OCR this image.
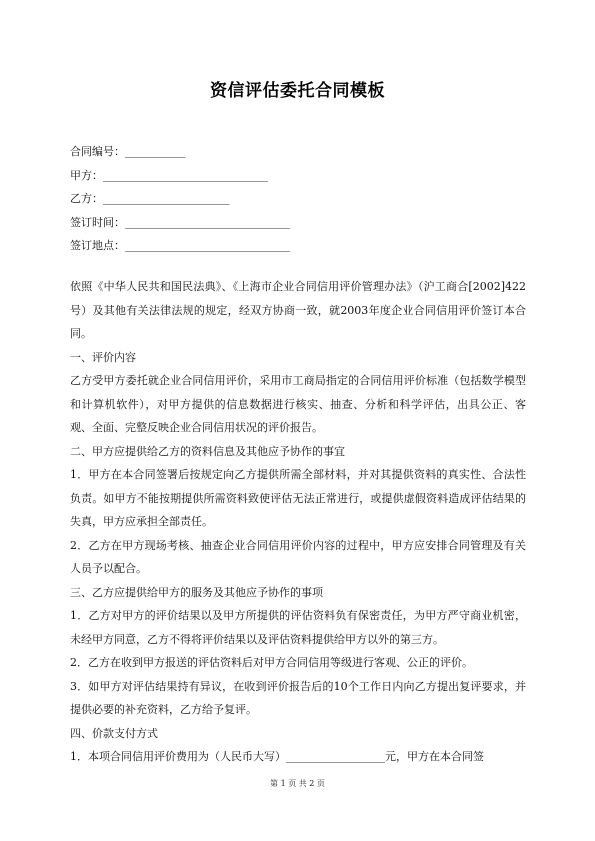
资信评估委托合同模板
合同编号：___________
甲方：______________________________
乙方：_______________________
签订时间：______________________________
签订地点：______________________________

依照《中华人民共和国民法典》、《上海市企业合同信用评价管理办法》（沪工商合[2002]422号）及其他有关法律法规的规定，经双方协商一致，就2003年度企业合同信用评价签订本合同。

一、评价内容

乙方受甲方委托就企业合同信用评价，采用市工商局指定的合同信用评价标准（包括数学模型和计算机软件），对甲方提供的信息数据进行核实、抽查、分析和科学评估，出具公正、客观、全面、完整反映企业合同信用状况的评价报告。

二、甲方应提供给乙方的资料信息及其他应予协作的事宜

1．甲方在本合同签署后按规定向乙方提供所需全部材料，并对其提供资料的真实性、合法性负责。如甲方不能按期提供所需资料致使评估无法正常进行，或提供虚假资料造成评估结果的失真，甲方应承担全部责任。

2．乙方在甲方现场考核、抽查企业合同信用评价内容的过程中，甲方应安排合同管理及有关人员予以配合。

三、乙方应提供给甲方的服务及其他应予协作的事项

1．乙方对甲方的评价结果以及甲方所提供的评估资料负有保密责任，为甲方严守商业机密，未经甲方同意，乙方不得将评价结果以及评估资料提供给甲方以外的第三方。

2．乙方在收到甲方报送的评估资料后对甲方合同信用等级进行客观、公正的评价。

3．如甲方对评估结果持有异议，在收到评价报告后的10个工作日内向乙方提出复评要求，并提供必要的补充资料，乙方给予复评。

四、价款支付方式

1．本项合同信用评价费用为（人民币大写）__________________元，甲方在本合同签

第 1 页 共 2 页
